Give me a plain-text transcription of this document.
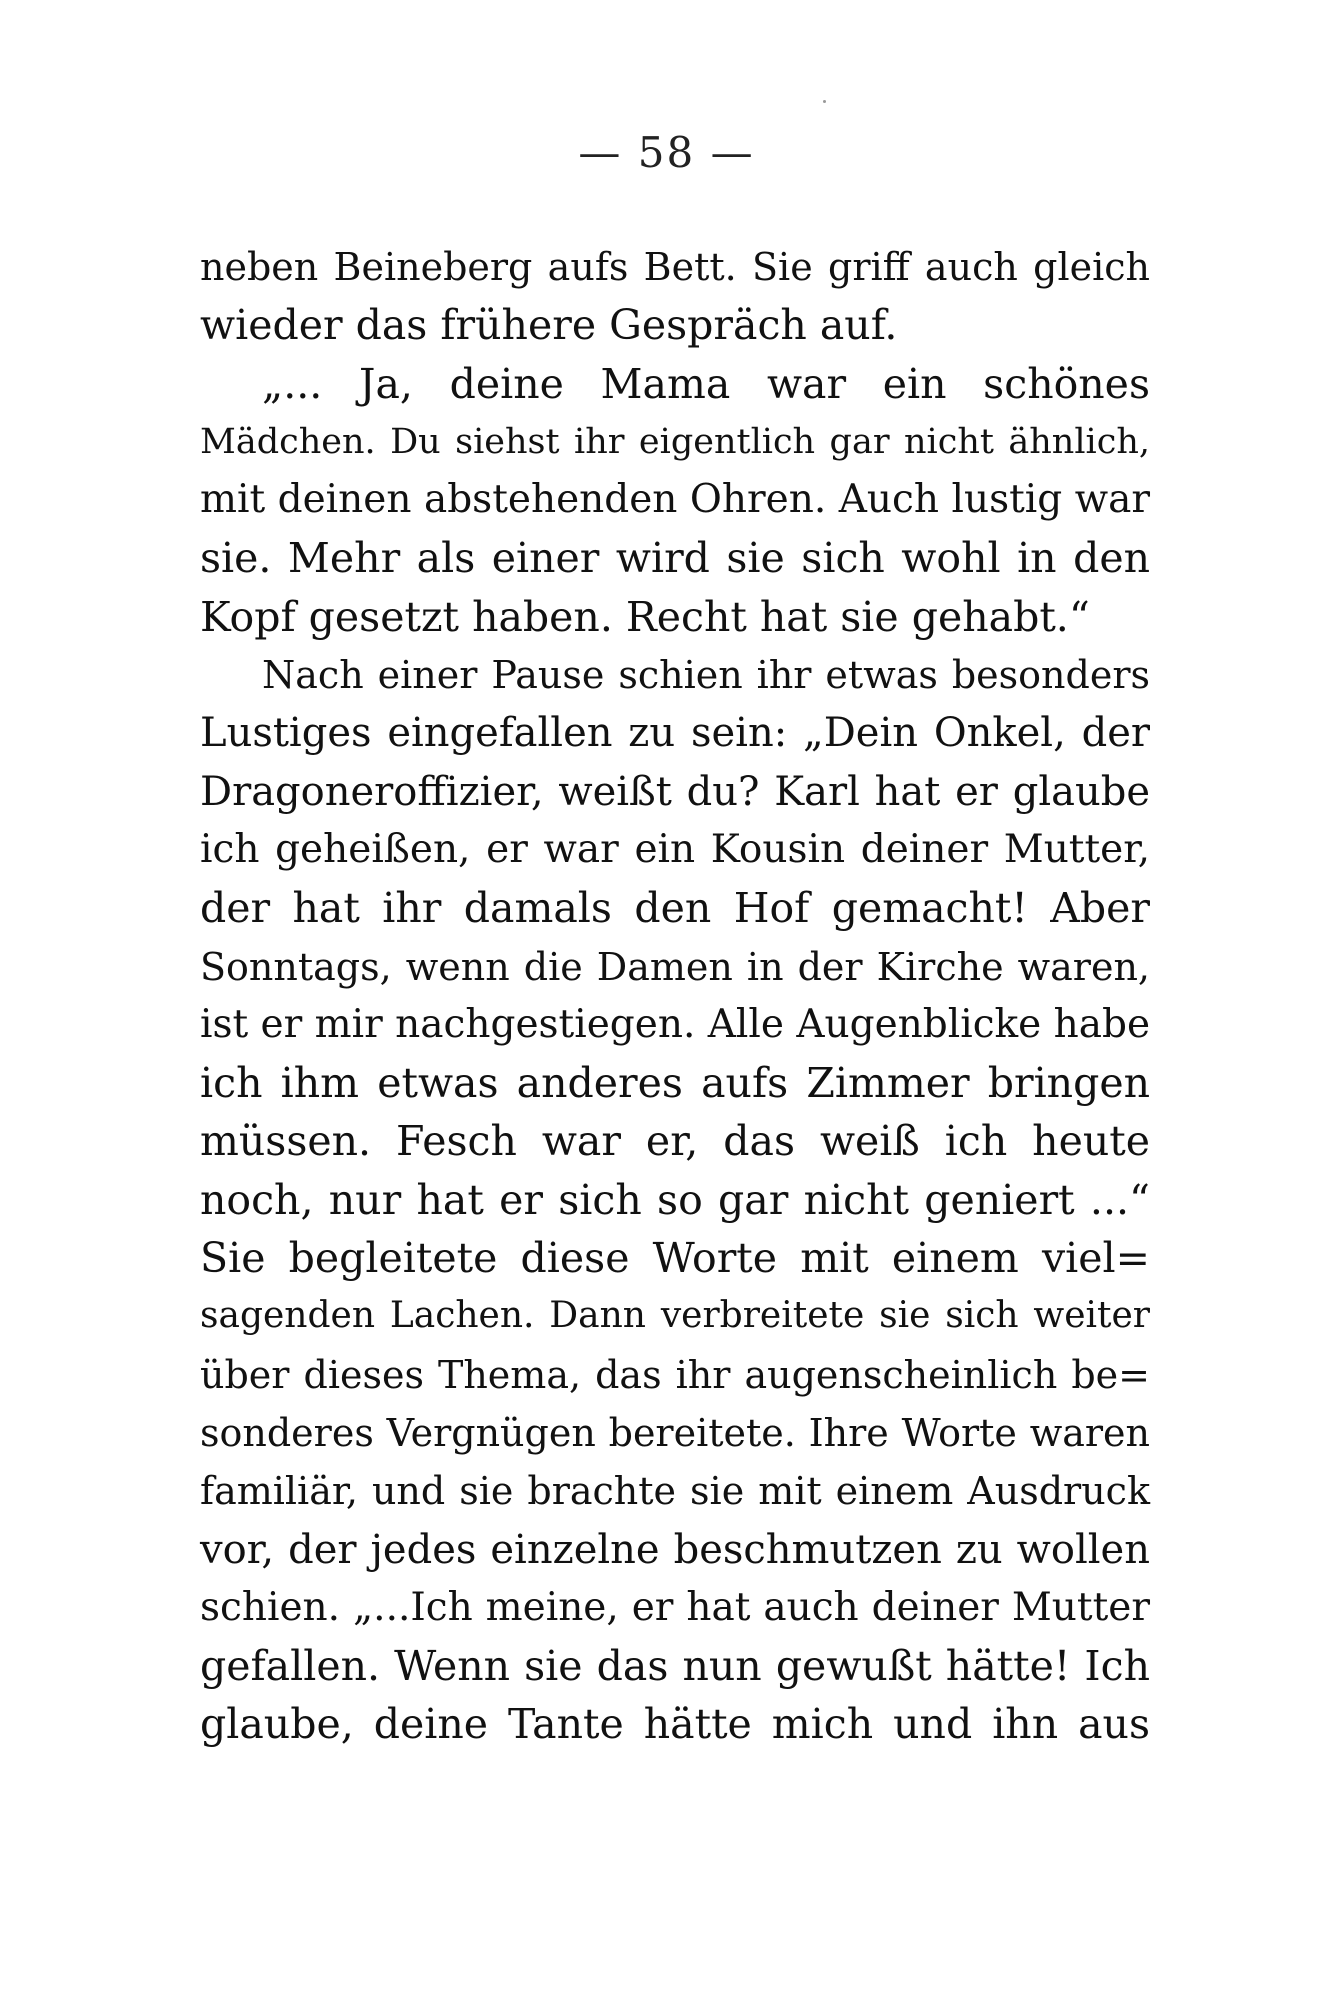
— 58 —
neben Beineberg aufs Bett. Sie griff auch gleich
wieder das frühere Gespräch auf.
„... Ja, deine Mama war ein schönes
Mädchen. Du siehst ihr eigentlich gar nicht ähnlich,
mit deinen abstehenden Ohren. Auch lustig war
sie. Mehr als einer wird sie sich wohl in den
Kopf gesetzt haben. Recht hat sie gehabt.“
Nach einer Pause schien ihr etwas besonders
Lustiges eingefallen zu sein: „Dein Onkel, der
Dragoneroffizier, weißt du? Karl hat er glaube
ich geheißen, er war ein Kousin deiner Mutter,
der hat ihr damals den Hof gemacht! Aber
Sonntags, wenn die Damen in der Kirche waren,
ist er mir nachgestiegen. Alle Augenblicke habe
ich ihm etwas anderes aufs Zimmer bringen
müssen. Fesch war er, das weiß ich heute
noch, nur hat er sich so gar nicht geniert ...“
Sie begleitete diese Worte mit einem viel=
sagenden Lachen. Dann verbreitete sie sich weiter
über dieses Thema, das ihr augenscheinlich be=
sonderes Vergnügen bereitete. Ihre Worte waren
familiär, und sie brachte sie mit einem Ausdruck
vor, der jedes einzelne beschmutzen zu wollen
schien. „...Ich meine, er hat auch deiner Mutter
gefallen. Wenn sie das nun gewußt hätte! Ich
glaube, deine Tante hätte mich und ihn aus
